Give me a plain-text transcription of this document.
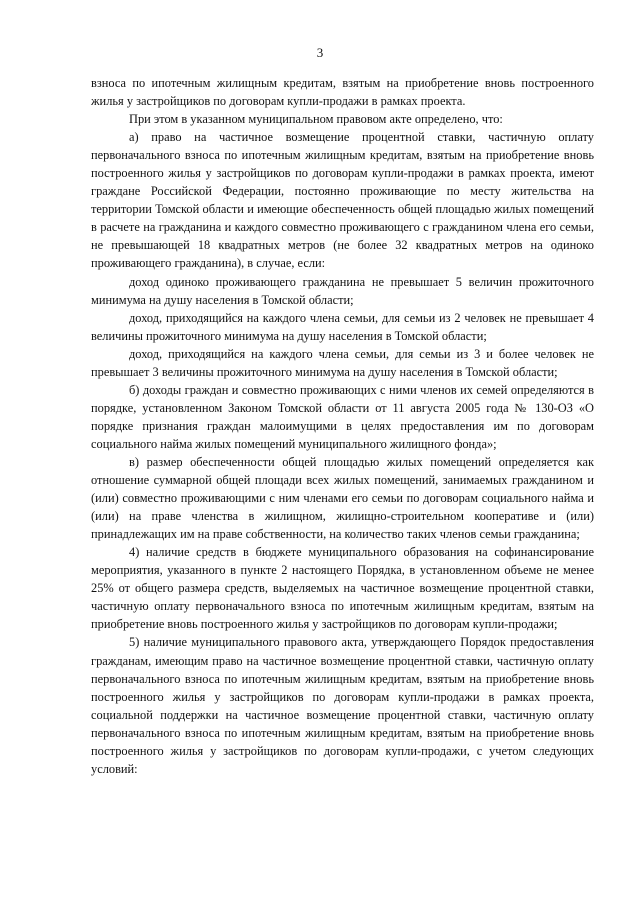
3

взноса по ипотечным жилищным кредитам, взятым на приобретение вновь построенного жилья у застройщиков по договорам купли-продажи в рамках проекта.

При этом в указанном муниципальном правовом акте определено, что:

а) право на частичное возмещение процентной ставки, частичную оплату первоначального взноса по ипотечным жилищным кредитам, взятым на приобретение вновь построенного жилья у застройщиков по договорам купли-продажи в рамках проекта, имеют граждане Российской Федерации, постоянно проживающие по месту жительства на территории Томской области и имеющие обеспеченность общей площадью жилых помещений в расчете на гражданина и каждого совместно проживающего с гражданином члена его семьи, не превышающей 18 квадратных метров (не более 32 квадратных метров на одиноко проживающего гражданина), в случае, если:

доход одиноко проживающего гражданина не превышает 5 величин прожиточного минимума на душу населения в Томской области;

доход, приходящийся на каждого члена семьи, для семьи из 2 человек не превышает 4 величины прожиточного минимума на душу населения в Томской области;

доход, приходящийся на каждого члена семьи, для семьи из 3 и более человек не превышает 3 величины прожиточного минимума на душу населения в Томской области;

б) доходы граждан и совместно проживающих с ними членов их семей определяются в порядке, установленном Законом Томской области от 11 августа 2005 года № 130-ОЗ «О порядке признания граждан малоимущими в целях предоставления им по договорам социального найма жилых помещений муниципального жилищного фонда»;

в) размер обеспеченности общей площадью жилых помещений определяется как отношение суммарной общей площади всех жилых помещений, занимаемых гражданином и (или) совместно проживающими с ним членами его семьи по договорам социального найма и (или) на праве членства в жилищном, жилищно-строительном кооперативе и (или) принадлежащих им на праве собственности, на количество таких членов семьи гражданина;

4) наличие средств в бюджете муниципального образования на софинансирование мероприятия, указанного в пункте 2 настоящего Порядка, в установленном объеме не менее 25% от общего размера средств, выделяемых на частичное возмещение процентной ставки, частичную оплату первоначального взноса по ипотечным жилищным кредитам, взятым на приобретение вновь построенного жилья у застройщиков по договорам купли-продажи;

5) наличие муниципального правового акта, утверждающего Порядок предоставления гражданам, имеющим право на частичное возмещение процентной ставки, частичную оплату первоначального взноса по ипотечным жилищным кредитам, взятым на приобретение вновь построенного жилья у застройщиков по договорам купли-продажи в рамках проекта, социальной поддержки на частичное возмещение процентной ставки, частичную оплату первоначального взноса по ипотечным жилищным кредитам, взятым на приобретение вновь построенного жилья у застройщиков по договорам купли-продажи, с учетом следующих условий:
